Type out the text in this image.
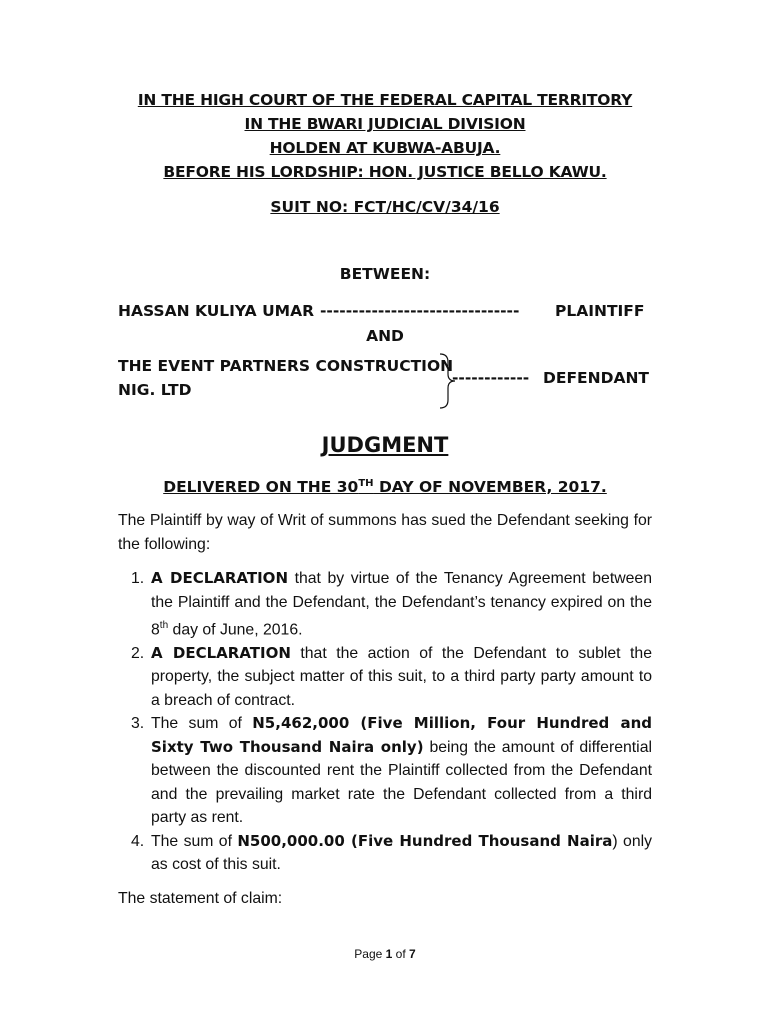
IN THE HIGH COURT OF THE FEDERAL CAPITAL TERRITORY
IN THE BWARI JUDICIAL DIVISION
HOLDEN AT KUBWA-ABUJA.
BEFORE HIS LORDSHIP: HON. JUSTICE BELLO KAWU.
SUIT NO: FCT/HC/CV/34/16
BETWEEN:
HASSAN KULIYA UMAR ------------------------------- PLAINTIFF
AND
THE EVENT PARTNERS CONSTRUCTION
NIG. LTD
------------ DEFENDANT
JUDGMENT
DELIVERED ON THE 30TH DAY OF NOVEMBER, 2017.
The Plaintiff by way of Writ of summons has sued the Defendant seeking for the following:
1. A DECLARATION that by virtue of the Tenancy Agreement between the Plaintiff and the Defendant, the Defendant’s tenancy expired on the 8th day of June, 2016.
2. A DECLARATION that the action of the Defendant to sublet the property, the subject matter of this suit, to a third party party amount to a breach of contract.
3. The sum of N5,462,000 (Five Million, Four Hundred and Sixty Two Thousand Naira only) being the amount of differential between the discounted rent the Plaintiff collected from the Defendant and the prevailing market rate the Defendant collected from a third party as rent.
4. The sum of N500,000.00 (Five Hundred Thousand Naira) only as cost of this suit.
The statement of claim:
Page 1 of 7
